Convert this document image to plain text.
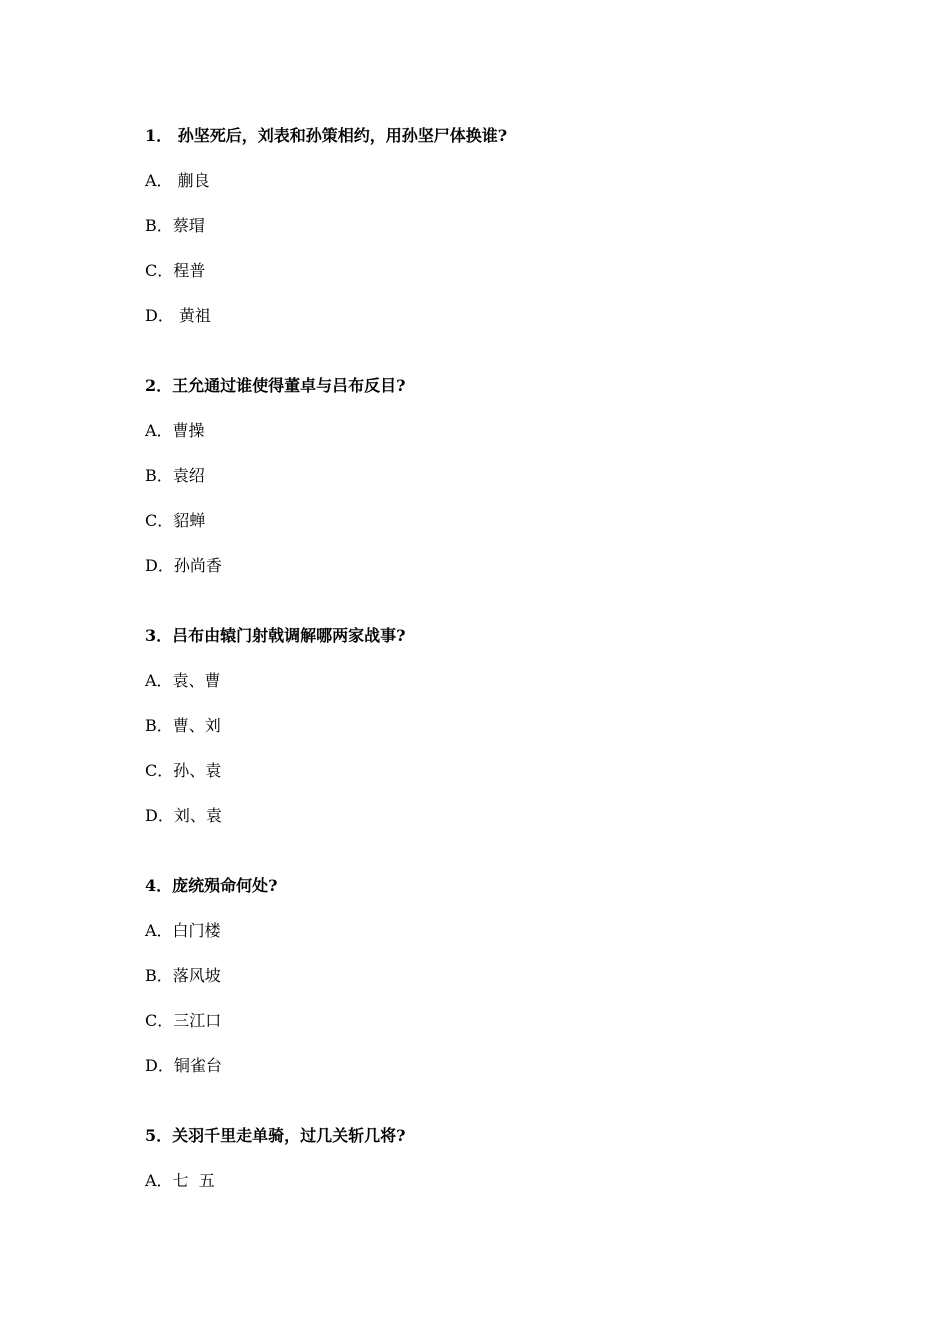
1． 孙坚死后，刘表和孙策相约，用孙坚尸体换谁?
A． 蒯良
B．蔡瑁
C．程普
D． 黄祖
2．王允通过谁使得董卓与吕布反目?
A．曹操
B．袁绍
C．貂蝉
D．孙尚香
3．吕布由辕门射戟调解哪两家战事?
A．袁、曹
B．曹、刘
C．孙、袁
D．刘、袁
4．庞统殒命何处?
A．白门楼
B．落风坡
C．三江口
D．铜雀台
5．关羽千里走单骑，过几关斩几将?
A．七  五
